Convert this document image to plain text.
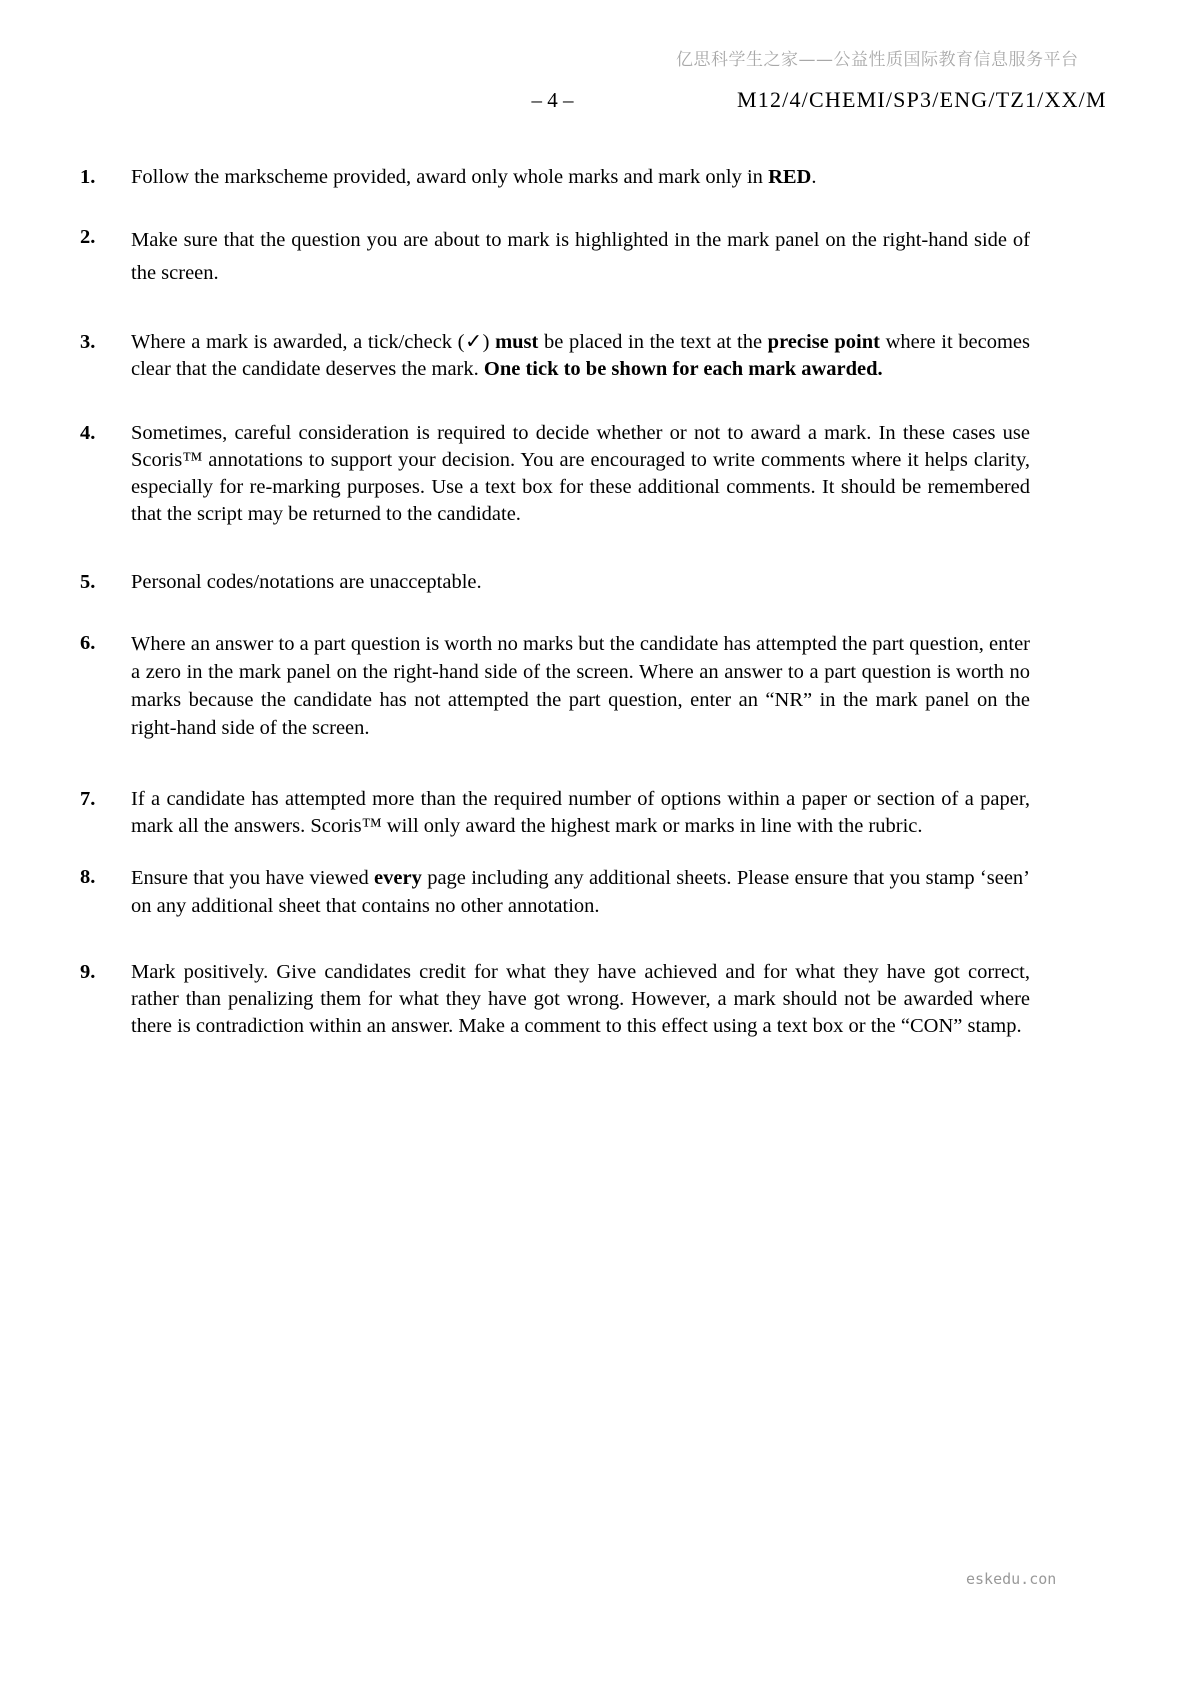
亿思科学生之家——公益性质国际教育信息服务平台
– 4 –	M12/4/CHEMI/SP3/ENG/TZ1/XX/M
1.	Follow the markscheme provided, award only whole marks and mark only in RED.
2.	Make sure that the question you are about to mark is highlighted in the mark panel on the right-hand side of the screen.
3.	Where a mark is awarded, a tick/check (✓) must be placed in the text at the precise point where it becomes clear that the candidate deserves the mark. One tick to be shown for each mark awarded.
4.	Sometimes, careful consideration is required to decide whether or not to award a mark. In these cases use Scoris™ annotations to support your decision. You are encouraged to write comments where it helps clarity, especially for re-marking purposes. Use a text box for these additional comments. It should be remembered that the script may be returned to the candidate.
5.	Personal codes/notations are unacceptable.
6.	Where an answer to a part question is worth no marks but the candidate has attempted the part question, enter a zero in the mark panel on the right-hand side of the screen. Where an answer to a part question is worth no marks because the candidate has not attempted the part question, enter an “NR” in the mark panel on the right-hand side of the screen.
7.	If a candidate has attempted more than the required number of options within a paper or section of a paper, mark all the answers. Scoris™ will only award the highest mark or marks in line with the rubric.
8.	Ensure that you have viewed every page including any additional sheets. Please ensure that you stamp ‘seen’ on any additional sheet that contains no other annotation.
9.	Mark positively. Give candidates credit for what they have achieved and for what they have got correct, rather than penalizing them for what they have got wrong. However, a mark should not be awarded where there is contradiction within an answer. Make a comment to this effect using a text box or the “CON” stamp.
eskedu.con
